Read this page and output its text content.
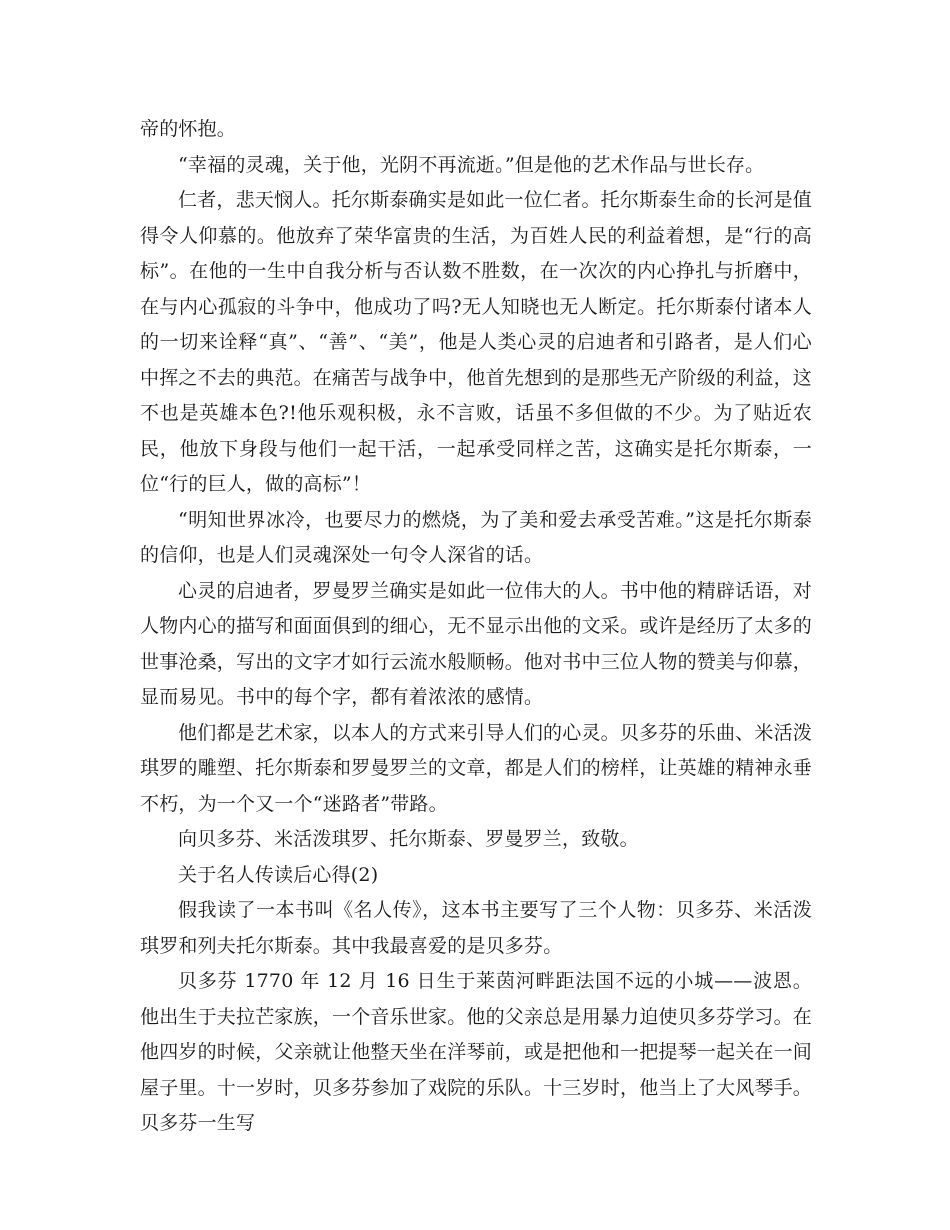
帝的怀抱。

“幸福的灵魂，关于他，光阴不再流逝。”但是他的艺术作品与世长存。

仁者，悲天悯人。托尔斯泰确实是如此一位仁者。托尔斯泰生命的长河是值得令人仰慕的。他放弃了荣华富贵的生活，为百姓人民的利益着想，是“行的高标”。在他的一生中自我分析与否认数不胜数，在一次次的内心挣扎与折磨中，在与内心孤寂的斗争中，他成功了吗?无人知晓也无人断定。托尔斯泰付诸本人的一切来诠释“真”、“善”、“美”，他是人类心灵的启迪者和引路者，是人们心中挥之不去的典范。在痛苦与战争中，他首先想到的是那些无产阶级的利益，这不也是英雄本色?!他乐观积极，永不言败，话虽不多但做的不少。为了贴近农民，他放下身段与他们一起干活，一起承受同样之苦，这确实是托尔斯泰，一位“行的巨人，做的高标”！

“明知世界冰冷，也要尽力的燃烧，为了美和爱去承受苦难。”这是托尔斯泰的信仰，也是人们灵魂深处一句令人深省的话。

心灵的启迪者，罗曼罗兰确实是如此一位伟大的人。书中他的精辟话语，对人物内心的描写和面面俱到的细心，无不显示出他的文采。或许是经历了太多的世事沧桑，写出的文字才如行云流水般顺畅。他对书中三位人物的赞美与仰慕，显而易见。书中的每个字，都有着浓浓的感情。

他们都是艺术家，以本人的方式来引导人们的心灵。贝多芬的乐曲、米活泼琪罗的雕塑、托尔斯泰和罗曼罗兰的文章，都是人们的榜样，让英雄的精神永垂不朽，为一个又一个“迷路者”带路。

向贝多芬、米活泼琪罗、托尔斯泰、罗曼罗兰，致敬。

关于名人传读后心得(2)

假我读了一本书叫《名人传》，这本书主要写了三个人物：贝多芬、米活泼琪罗和列夫托尔斯泰。其中我最喜爱的是贝多芬。

贝多芬 1770 年 12 月 16 日生于莱茵河畔距法国不远的小城——波恩。他出生于夫拉芒家族，一个音乐世家。他的父亲总是用暴力迫使贝多芬学习。在他四岁的时候，父亲就让他整天坐在洋琴前，或是把他和一把提琴一起关在一间屋子里。十一岁时，贝多芬参加了戏院的乐队。十三岁时，他当上了大风琴手。贝多芬一生写
